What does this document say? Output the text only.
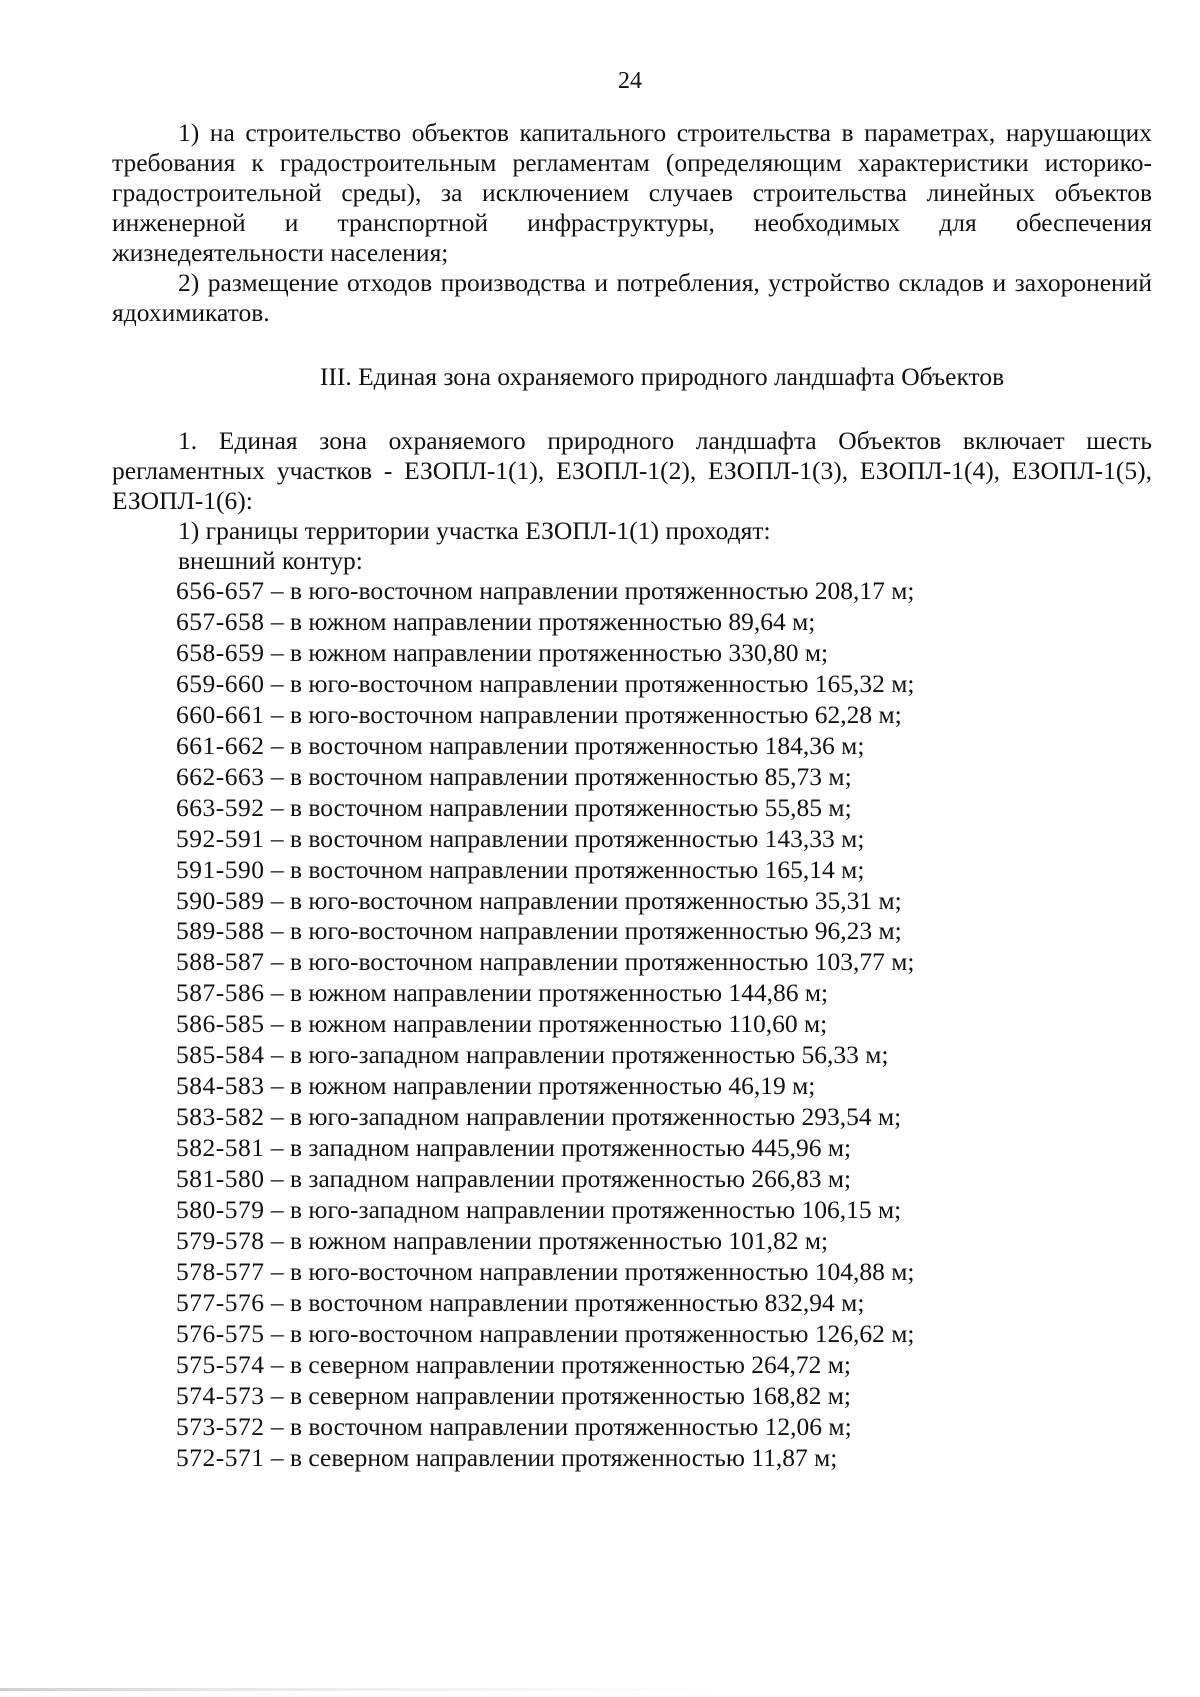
24

1) на строительство объектов капитального строительства в параметрах, нарушающих требования к градостроительным регламентам (определяющим характеристики историко-градостроительной среды), за исключением случаев строительства линейных объектов инженерной и транспортной инфраструктуры, необходимых для обеспечения жизнедеятельности населения;

2) размещение отходов производства и потребления, устройство складов и захоронений ядохимикатов.

III. Единая зона охраняемого природного ландшафта Объектов

1. Единая зона охраняемого природного ландшафта Объектов включает шесть регламентных участков - ЕЗОПЛ-1(1), ЕЗОПЛ-1(2), ЕЗОПЛ-1(3), ЕЗОПЛ-1(4), ЕЗОПЛ-1(5), ЕЗОПЛ-1(6):

1) границы территории участка ЕЗОПЛ-1(1) проходят:

внешний контур:

656-657 – в юго-восточном направлении протяженностью 208,17 м;
657-658 – в южном направлении протяженностью 89,64 м;
658-659 – в южном направлении протяженностью 330,80 м;
659-660 – в юго-восточном направлении протяженностью 165,32 м;
660-661 – в юго-восточном направлении протяженностью 62,28 м;
661-662 – в восточном направлении протяженностью 184,36 м;
662-663 – в восточном направлении протяженностью 85,73 м;
663-592 – в восточном направлении протяженностью 55,85 м;
592-591 – в восточном направлении протяженностью 143,33 м;
591-590 – в восточном направлении протяженностью 165,14 м;
590-589 – в юго-восточном направлении протяженностью 35,31 м;
589-588 – в юго-восточном направлении протяженностью 96,23 м;
588-587 – в юго-восточном направлении протяженностью 103,77 м;
587-586 – в южном направлении протяженностью 144,86 м;
586-585 – в южном направлении протяженностью 110,60 м;
585-584 – в юго-западном направлении протяженностью 56,33 м;
584-583 – в южном направлении протяженностью 46,19 м;
583-582 – в юго-западном направлении протяженностью 293,54 м;
582-581 – в западном направлении протяженностью 445,96 м;
581-580 – в западном направлении протяженностью 266,83 м;
580-579 – в юго-западном направлении протяженностью 106,15 м;
579-578 – в южном направлении протяженностью 101,82 м;
578-577 – в юго-восточном направлении протяженностью 104,88 м;
577-576 – в восточном направлении протяженностью 832,94 м;
576-575 – в юго-восточном направлении протяженностью 126,62 м;
575-574 – в северном направлении протяженностью 264,72 м;
574-573 – в северном направлении протяженностью 168,82 м;
573-572 – в восточном направлении протяженностью 12,06 м;
572-571 – в северном направлении протяженностью 11,87 м;
